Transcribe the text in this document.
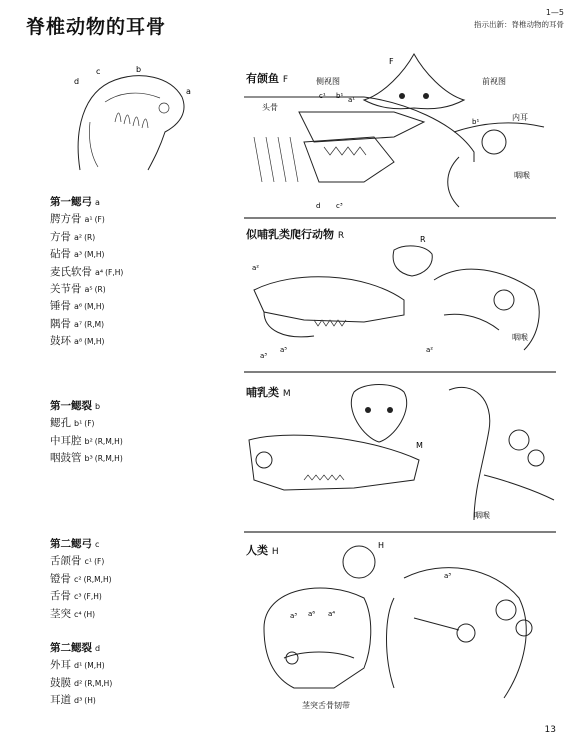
脊椎动物的耳骨
1—5
指示出新：脊椎动物的耳骨
13
d
c	b
a
第一鳃弓 a
腭方骨 a¹ (F)
方骨 a² (R)
砧骨 a³ (M,H)
麦氏软骨 a⁴ (F,H)
关节骨 a⁵ (R)
锤骨 a⁶ (M,H)
隅骨 a⁷ (R,M)
鼓环 a⁸ (M,H)
第一鳃裂 b
鳃孔 b¹ (F)
中耳腔 b² (R,M,H)
咽鼓管 b³ (R,M,H)
第二鳃弓 c
舌颌骨 c¹ (F)
镫骨 c² (R,M,H)
舌骨 c³ (F,H)
茎突 c⁴ (H)
第二鳃裂 d
外耳 d¹ (M,H)
鼓膜 d² (R,M,H)
耳道 d³ (H)
有颌鱼 F	侧视图	前视图
头骨
内耳
咽喉
F
c¹ b¹ a¹
b¹
d c³
似哺乳类爬行动物 R
咽喉
R
a²
a³
a⁵	a²
哺乳类 M
咽喉
M
人类 H
茎突舌骨韧带
H
a³ a⁶ a⁴
a³
